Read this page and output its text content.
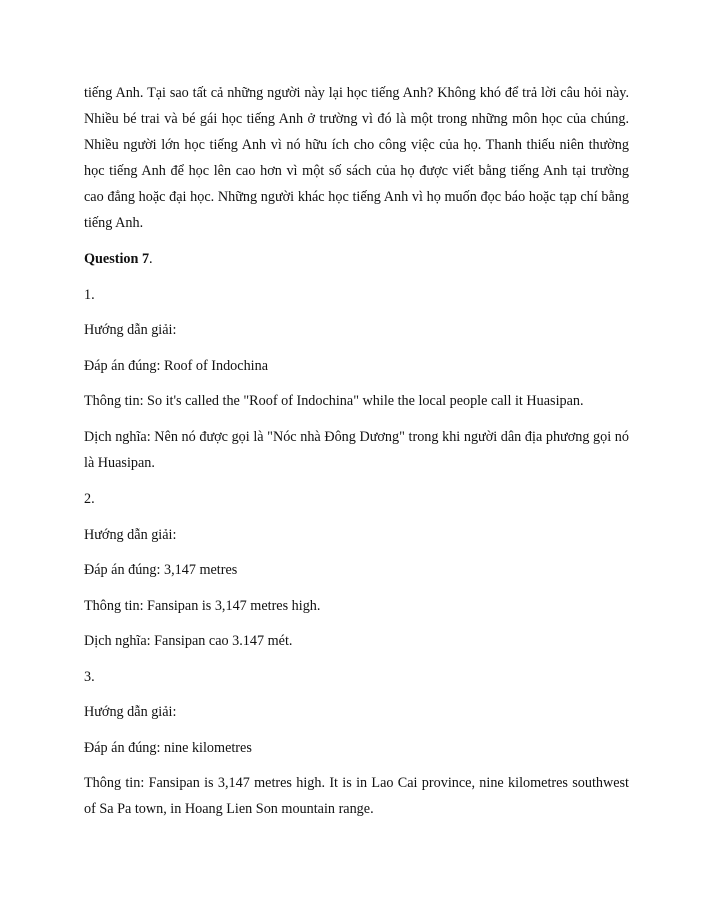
tiếng Anh. Tại sao tất cả những người này lại học tiếng Anh? Không khó để trả lời câu hỏi này. Nhiều bé trai và bé gái học tiếng Anh ở trường vì đó là một trong những môn học của chúng. Nhiều người lớn học tiếng Anh vì nó hữu ích cho công việc của họ. Thanh thiếu niên thường học tiếng Anh để học lên cao hơn vì một số sách của họ được viết bằng tiếng Anh tại trường cao đẳng hoặc đại học. Những người khác học tiếng Anh vì họ muốn đọc báo hoặc tạp chí bằng tiếng Anh.

Question 7.

1.

Hướng dẫn giải:

Đáp án đúng: Roof of Indochina

Thông tin: So it's called the "Roof of Indochina" while the local people call it Huasipan.

Dịch nghĩa: Nên nó được gọi là "Nóc nhà Đông Dương" trong khi người dân địa phương gọi nó là Huasipan.

2.

Hướng dẫn giải:

Đáp án đúng: 3,147 metres

Thông tin: Fansipan is 3,147 metres high.

Dịch nghĩa: Fansipan cao 3.147 mét.

3.

Hướng dẫn giải:

Đáp án đúng: nine kilometres

Thông tin: Fansipan is 3,147 metres high. It is in Lao Cai province, nine kilometres southwest of Sa Pa town, in Hoang Lien Son mountain range.
